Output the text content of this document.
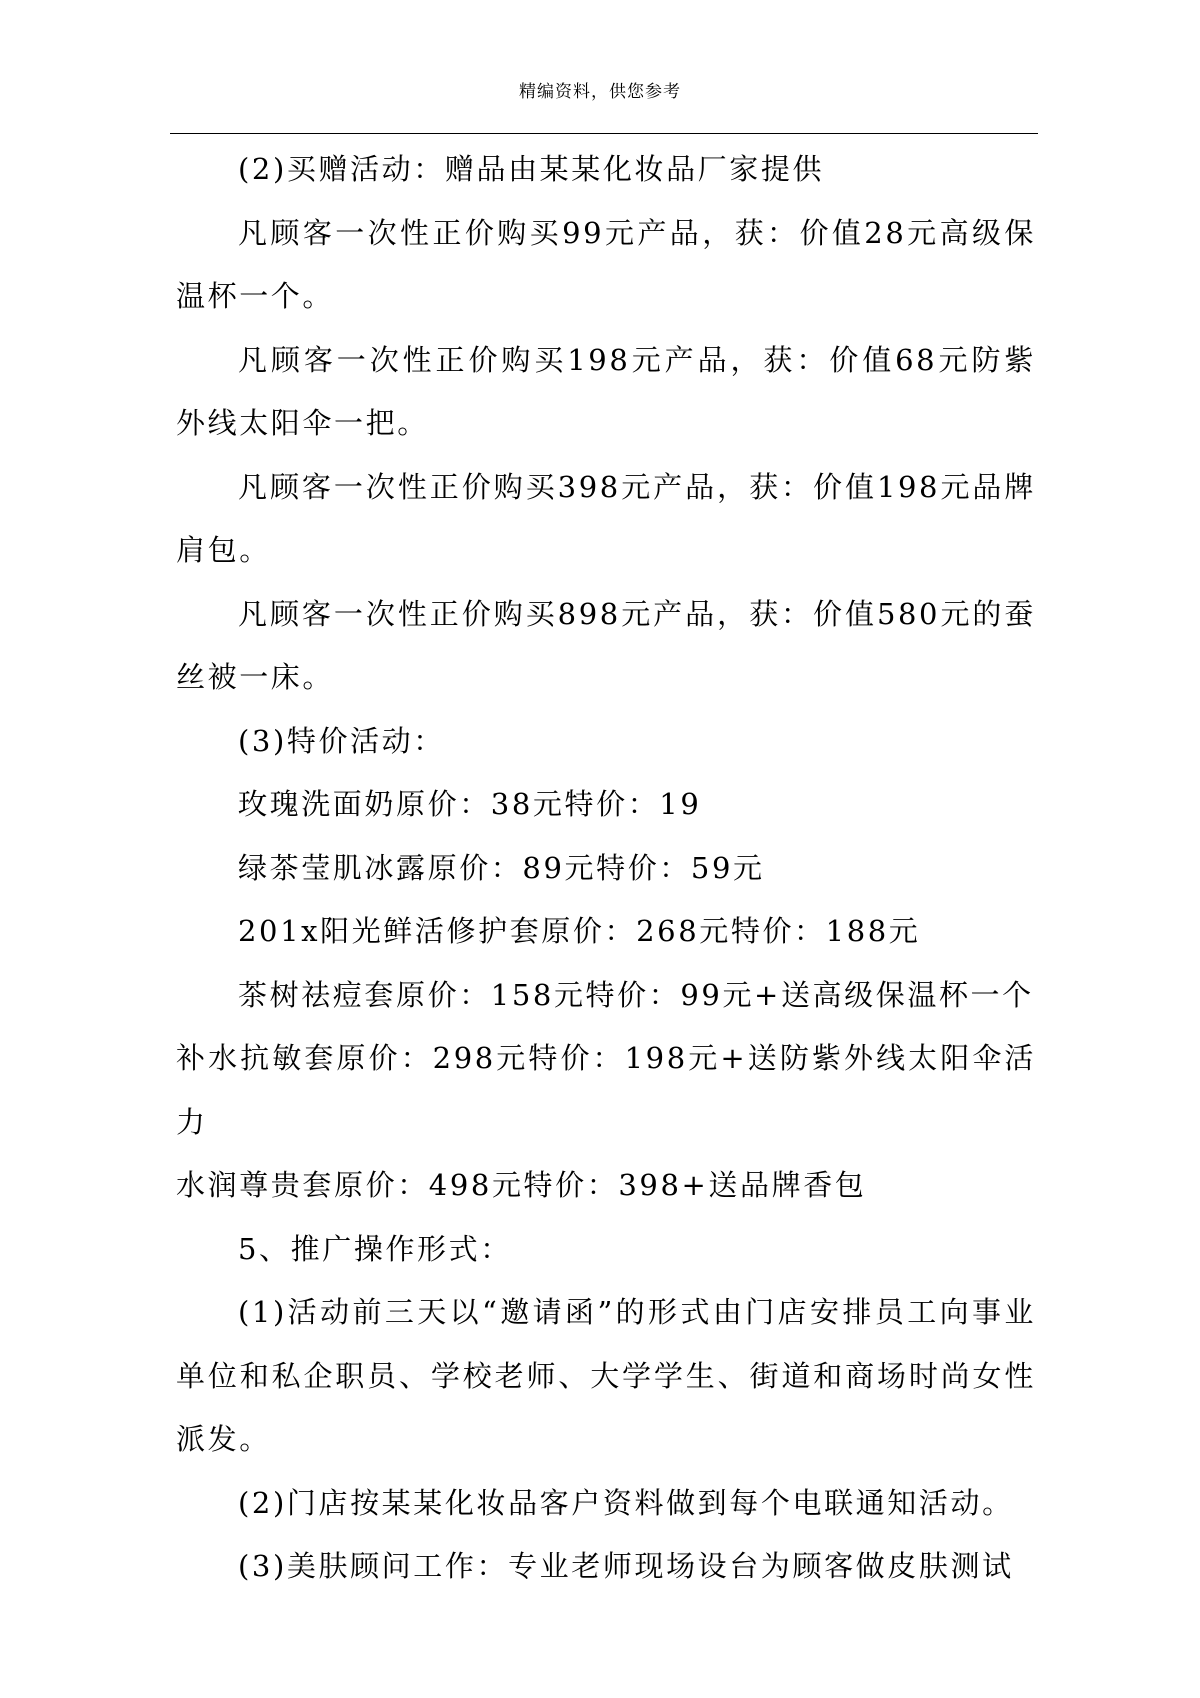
精编资料，供您参考

(2)买赠活动：赠品由某某化妆品厂家提供

凡顾客一次性正价购买99元产品，获：价值28元高级保温杯一个。

凡顾客一次性正价购买198元产品，获：价值68元防紫外线太阳伞一把。

凡顾客一次性正价购买398元产品，获：价值198元品牌肩包。

凡顾客一次性正价购买898元产品，获：价值580元的蚕丝被一床。

(3)特价活动：

玫瑰洗面奶原价：38元特价：19

绿茶莹肌冰露原价：89元特价：59元

201x阳光鲜活修护套原价：268元特价：188元

茶树祛痘套原价：158元特价：99元+送高级保温杯一个

补水抗敏套原价：298元特价：198元+送防紫外线太阳伞活力

水润尊贵套原价：498元特价：398+送品牌香包

5、推广操作形式：

(1)活动前三天以“邀请函”的形式由门店安排员工向事业单位和私企职员、学校老师、大学学生、街道和商场时尚女性派发。

(2)门店按某某化妆品客户资料做到每个电联通知活动。

(3)美肤顾问工作：专业老师现场设台为顾客做皮肤测试
